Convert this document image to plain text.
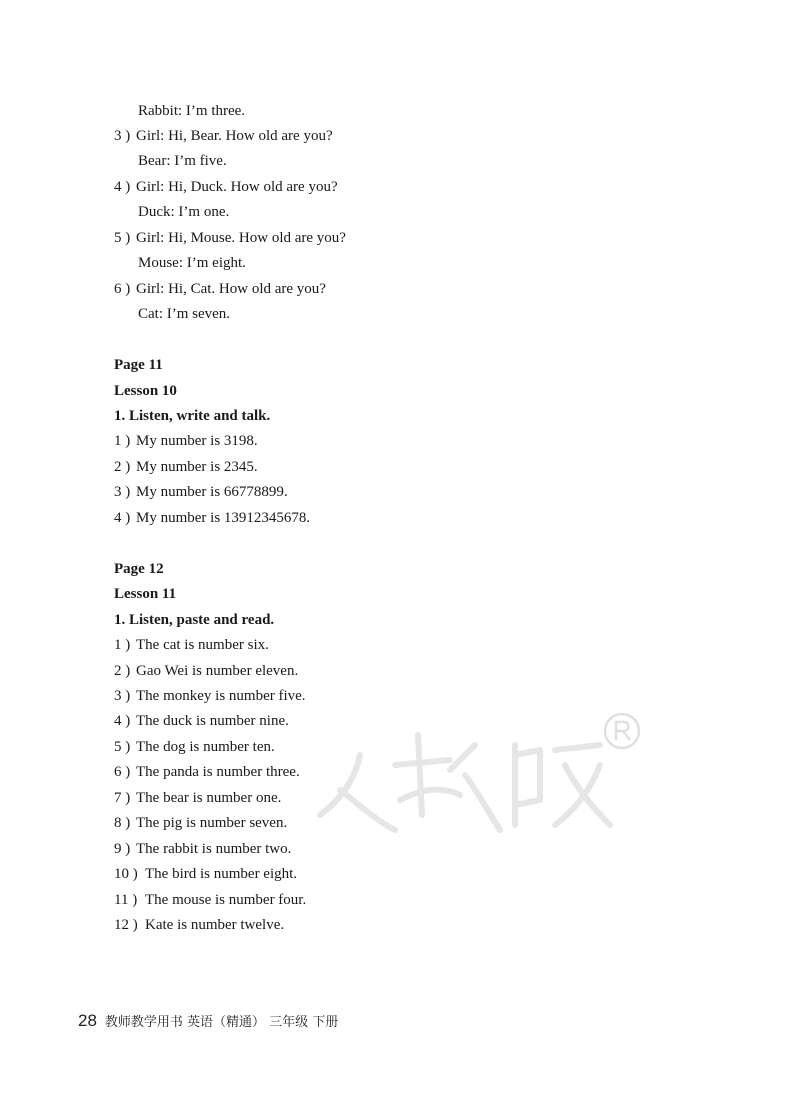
Rabbit: I’m three.
3 ) Girl: Hi, Bear. How old are you?
Bear: I’m five.
4 ) Girl: Hi, Duck. How old are you?
Duck: I’m one.
5 ) Girl: Hi, Mouse. How old are you?
Mouse: I’m eight.
6 ) Girl: Hi, Cat. How old are you?
Cat: I’m seven.
Page 11
Lesson 10
1. Listen, write and talk.
1 ) My number is 3198.
2 ) My number is 2345.
3 ) My number is 66778899.
4 ) My number is 13912345678.
Page 12
Lesson 11
1. Listen, paste and read.
1 ) The cat is number six.
2 ) Gao Wei is number eleven.
3 ) The monkey is number five.
4 ) The duck is number nine.
5 ) The dog is number ten.
6 ) The panda is number three.
7 ) The bear is number one.
8 ) The pig is number seven.
9 ) The rabbit is number two.
10 ) The bird is number eight.
11 ) The mouse is number four.
12 ) Kate is number twelve.
28 教师教学用书 英语（精通） 三年级 下册
